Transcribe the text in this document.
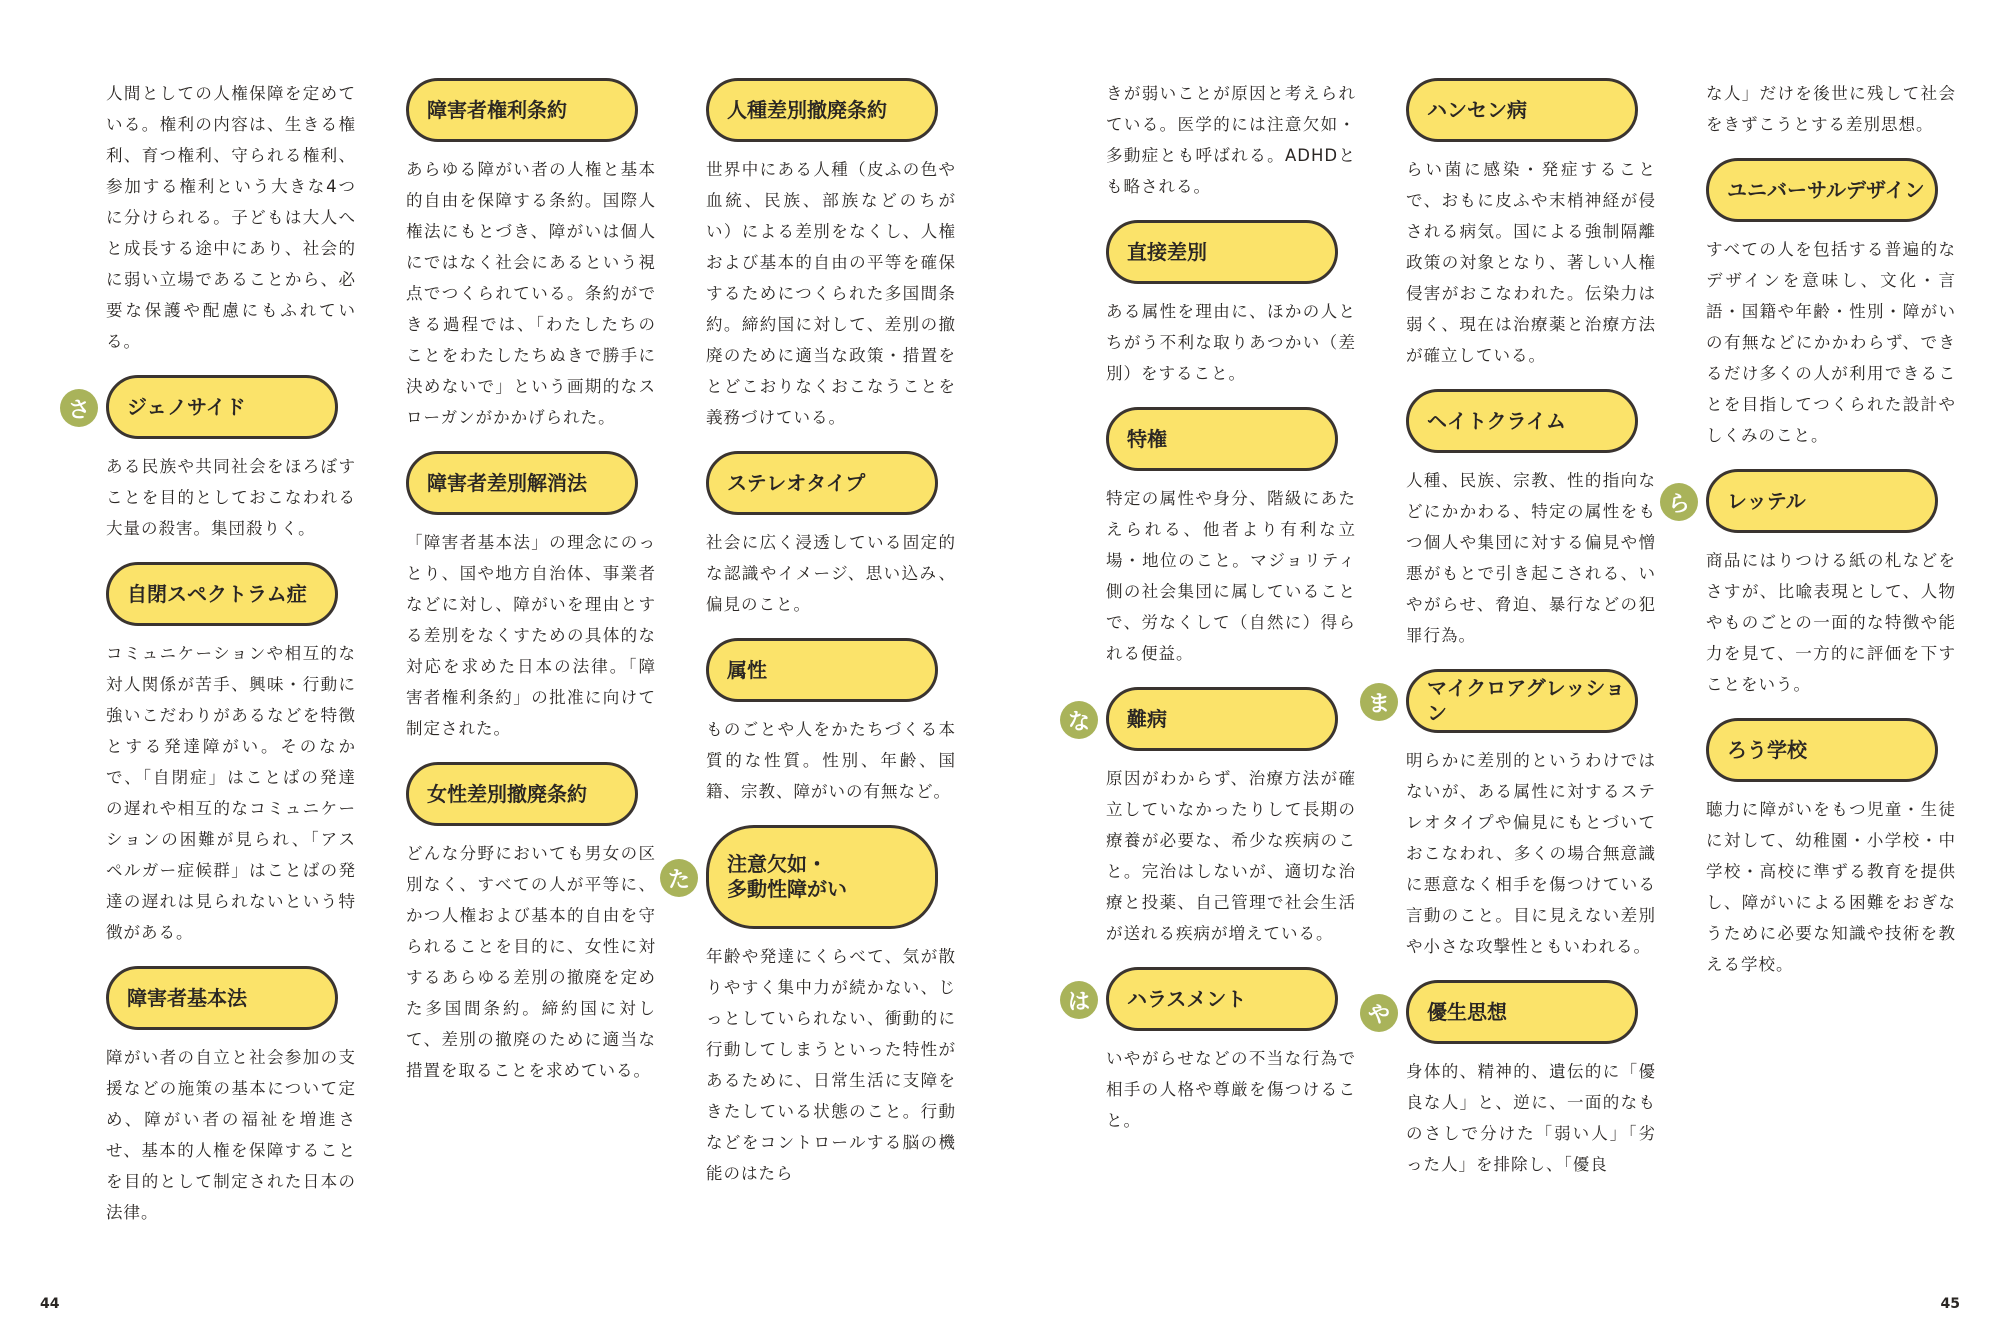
人間としての人権保障を定めている。権利の内容は、生きる権利、育つ権利、守られる権利、参加する権利という大きな4つに分けられる。子どもは大人へと成長する途中にあり、社会的に弱い立場であることから、必要な保護や配慮にもふれている。

さ	ジェノサイド

ある民族や共同社会をほろぼすことを目的としておこなわれる大量の殺害。集団殺りく。

自閉スペクトラム症

コミュニケーションや相互的な対人関係が苦手、興味・行動に強いこだわりがあるなどを特徴とする発達障がい。そのなかで、「自閉症」はことばの発達の遅れや相互的なコミュニケーションの困難が見られ、「アスペルガー症候群」はことばの発達の遅れは見られないという特徴がある。

障害者基本法

障がい者の自立と社会参加の支援などの施策の基本について定め、障がい者の福祉を増進させ、基本的人権を保障することを目的として制定された日本の法律。

障害者権利条約

あらゆる障がい者の人権と基本的自由を保障する条約。国際人権法にもとづき、障がいは個人にではなく社会にあるという視点でつくられている。条約ができる過程では、「わたしたちのことをわたしたちぬきで勝手に決めないで」という画期的なスローガンがかかげられた。

障害者差別解消法

「障害者基本法」の理念にのっとり、国や地方自治体、事業者などに対し、障がいを理由とする差別をなくすための具体的な対応を求めた日本の法律。「障害者権利条約」の批准に向けて制定された。

女性差別撤廃条約

どんな分野においても男女の区別なく、すべての人が平等に、かつ人権および基本的自由を守られることを目的に、女性に対するあらゆる差別の撤廃を定めた多国間条約。締約国に対して、差別の撤廃のために適当な措置を取ることを求めている。

人種差別撤廃条約

世界中にある人種（皮ふの色や血統、民族、部族などのちがい）による差別をなくし、人権および基本的自由の平等を確保するためにつくられた多国間条約。締約国に対して、差別の撤廃のために適当な政策・措置をとどこおりなくおこなうことを義務づけている。

ステレオタイプ

社会に広く浸透している固定的な認識やイメージ、思い込み、偏見のこと。

属性

ものごとや人をかたちづくる本質的な性質。性別、年齢、国籍、宗教、障がいの有無など。

た
注意欠如・
多動性障がい

年齢や発達にくらべて、気が散りやすく集中力が続かない、じっとしていられない、衝動的に行動してしまうといった特性があるために、日常生活に支障をきたしている状態のこと。行動などをコントロールする脳の機能のはたら

きが弱いことが原因と考えられている。医学的には注意欠如・多動症とも呼ばれる。ADHDとも略される。

直接差別

ある属性を理由に、ほかの人とちがう不利な取りあつかい（差別）をすること。

特権

特定の属性や身分、階級にあたえられる、他者より有利な立場・地位のこと。マジョリティ側の社会集団に属していることで、労なくして（自然に）得られる便益。

な	難病

原因がわからず、治療方法が確立していなかったりして長期の療養が必要な、希少な疾病のこと。完治はしないが、適切な治療と投薬、自己管理で社会生活が送れる疾病が増えている。

は	ハラスメント

いやがらせなどの不当な行為で相手の人格や尊厳を傷つけること。

ハンセン病

らい菌に感染・発症することで、おもに皮ふや末梢神経が侵される病気。国による強制隔離政策の対象となり、著しい人権侵害がおこなわれた。伝染力は弱く、現在は治療薬と治療方法が確立している。

ヘイトクライム

人種、民族、宗教、性的指向などにかかわる、特定の属性をもつ個人や集団に対する偏見や憎悪がもとで引き起こされる、いやがらせ、脅迫、暴行などの犯罪行為。

ま
マイクロアグレッション

明らかに差別的というわけではないが、ある属性に対するステレオタイプや偏見にもとづいておこなわれ、多くの場合無意識に悪意なく相手を傷つけている言動のこと。目に見えない差別や小さな攻撃性ともいわれる。

や	優生思想

身体的、精神的、遺伝的に「優良な人」と、逆に、一面的なものさしで分けた「弱い人」「劣った人」を排除し、「優良

な人」だけを後世に残して社会をきずこうとする差別思想。

ユニバーサルデザイン

すべての人を包括する普遍的なデザインを意味し、文化・言語・国籍や年齢・性別・障がいの有無などにかかわらず、できるだけ多くの人が利用できることを目指してつくられた設計やしくみのこと。

ら	レッテル

商品にはりつける紙の札などをさすが、比喩表現として、人物やものごとの一面的な特徴や能力を見て、一方的に評価を下すことをいう。

ろう学校

聴力に障がいをもつ児童・生徒に対して、幼稚園・小学校・中学校・高校に準ずる教育を提供し、障がいによる困難をおぎなうために必要な知識や技術を教える学校。

44	45
